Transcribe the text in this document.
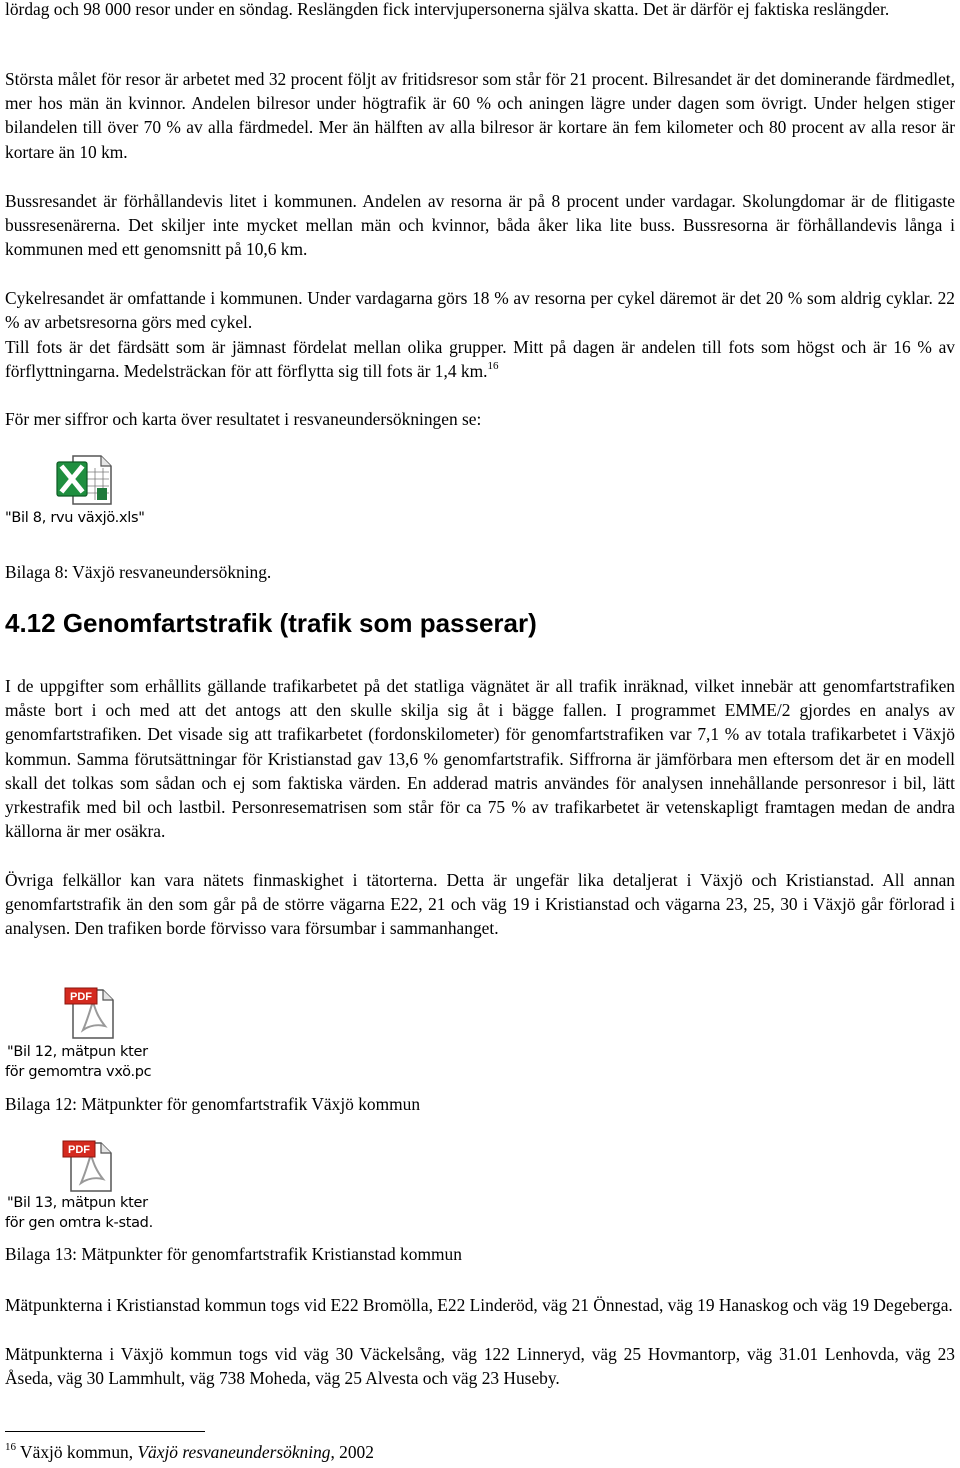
lördag och 98 000 resor under en söndag. Reslängden fick intervjupersonerna själva skatta. Det är därför ej faktiska reslängder.

Största målet för resor är arbetet med 32 procent följt av fritidsresor som står för 21 procent. Bilresandet är det dominerande färdmedlet, mer hos män än kvinnor. Andelen bilresor under högtrafik är 60 % och aningen lägre under dagen som övrigt. Under helgen stiger bilandelen till över 70 % av alla färdmedel. Mer än hälften av alla bilresor är kortare än fem kilometer och 80 procent av alla resor är kortare än 10 km.

Bussresandet är förhållandevis litet i kommunen. Andelen av resorna är på 8 procent under vardagar. Skolungdomar är de flitigaste bussresenärerna. Det skiljer inte mycket mellan män och kvinnor, båda åker lika lite buss. Bussresorna är förhållandevis långa i kommunen med ett genomsnitt på 10,6 km.

Cykelresandet är omfattande i kommunen. Under vardagarna görs 18 % av resorna per cykel däremot är det 20 % som aldrig cyklar. 22 % av arbetsresorna görs med cykel.

Till fots är det färdsätt som är jämnast fördelat mellan olika grupper. Mitt på dagen är andelen till fots som högst och är 16 % av förflyttningarna. Medelsträckan för att förflytta sig till fots är 1,4 km.$^{16}$

För mer siffror och karta över resultatet i resvaneundersökningen se:

"Bil 8, rvu växjö.xls"

Bilaga 8: Växjö resvaneundersökning.

4.12 Genomfartstrafik (trafik som passerar)

I de uppgifter som erhållits gällande trafikarbetet på det statliga vägnätet är all trafik inräknad, vilket innebär att genomfartstrafiken måste bort i och med att det antogs att den skulle skilja sig åt i bägge fallen. I programmet EMME/2 gjordes en analys av genomfartstrafiken. Det visade sig att trafikarbetet (fordonskilometer) för genomfartstrafiken var 7,1 % av totala trafikarbetet i Växjö kommun. Samma förutsättningar för Kristianstad gav 13,6 % genomfartstrafik. Siffrorna är jämförbara men eftersom det är en modell skall det tolkas som sådan och ej som faktiska värden. En adderad matris användes för analysen innehållande personresor i bil, lätt yrkestrafik med bil och lastbil. Personresematrisen som står för ca 75 % av trafikarbetet är vetenskapligt framtagen medan de andra källorna är mer osäkra.

Övriga felkällor kan vara nätets finmaskighet i tätorterna. Detta är ungefär lika detaljerat i Växjö och Kristianstad. All annan genomfartstrafik än den som går på de större vägarna E22, 21 och väg 19 i Kristianstad och vägarna 23, 25, 30 i Växjö går förlorad i analysen. Den trafiken borde förvisso vara försumbar i sammanhanget.

PDF
"Bil 12, mätpun kter
för gemomtra vxö.pc

Bilaga 12: Mätpunkter för genomfartstrafik Växjö kommun

PDF
"Bil 13, mätpun kter
för gen omtra k-stad.

Bilaga 13: Mätpunkter för genomfartstrafik Kristianstad kommun

Mätpunkterna i Kristianstad kommun togs vid E22 Bromölla, E22 Linderöd, väg 21 Önnestad, väg 19 Hanaskog och väg 19 Degeberga.

Mätpunkterna i Växjö kommun togs vid väg 30 Väckelsång, väg 122 Linneryd, väg 25 Hovmantorp, väg 31.01 Lenhovda, väg 23 Åseda, väg 30 Lammhult, väg 738 Moheda, väg 25 Alvesta och väg 23 Huseby.

$^{16}$ Växjö kommun, Växjö resvaneundersökning, 2002
